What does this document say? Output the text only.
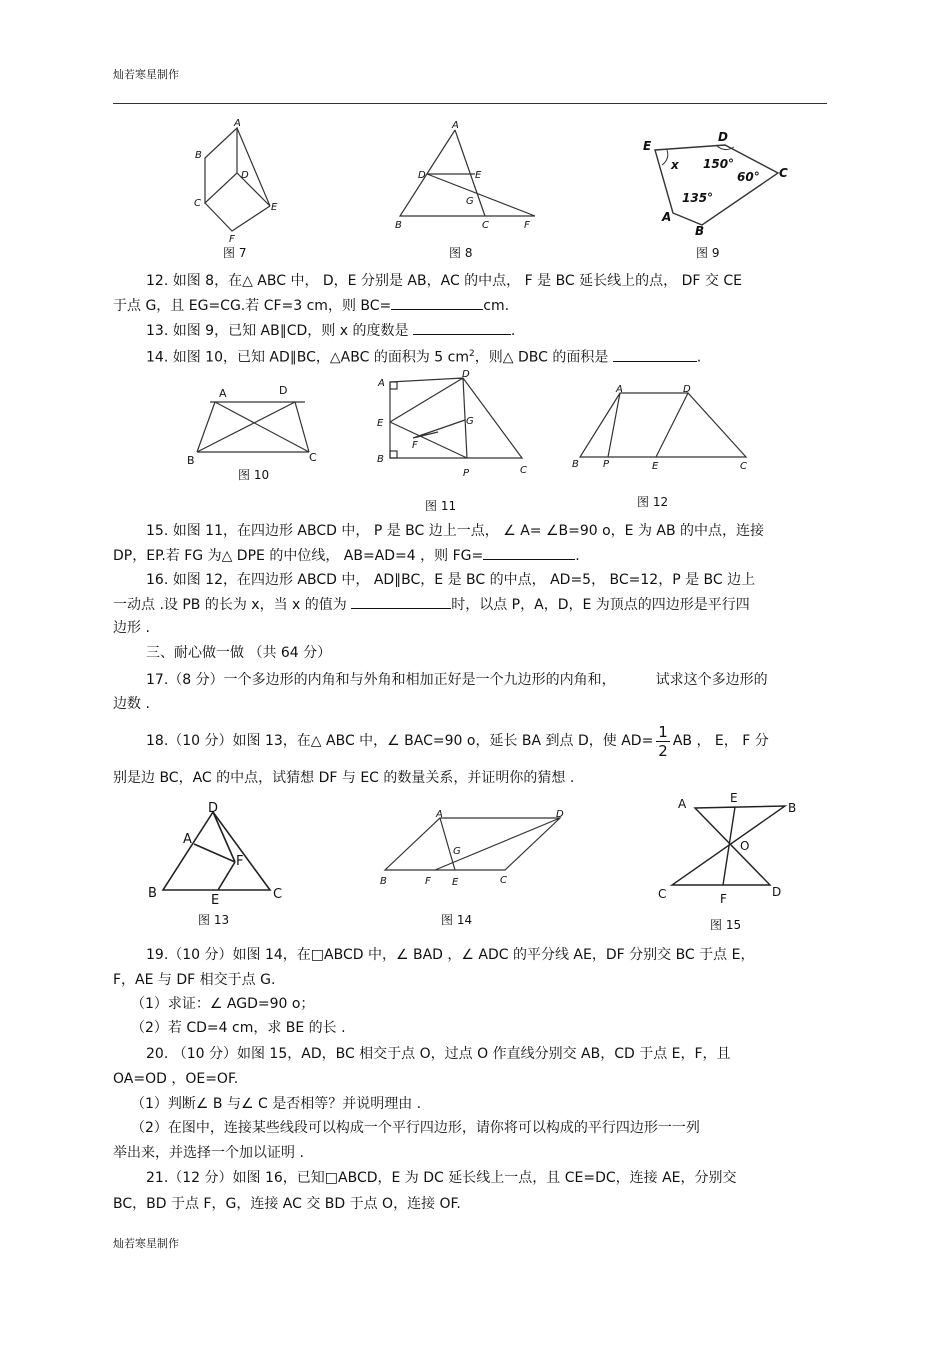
灿若寒星制作
A
B
C
D
E
F
图 7
A
D	E
G
B	C	F
图 8
E
D
C
A
B
x 150°
60°
135°
图 9
12. 如图 8，在△ ABC 中， D，E 分别是 AB，AC 的中点， F 是 BC 延长线上的点， DF 交 CE
于点 G，且 EG=CG.若 CF=3 cm，则 BC=	cm.
13. 如图 9，已知 AB∥CD，则 x 的度数是	.
14. 如图 10，已知 AD∥BC，△ABC 的面积为 5 $cm^2$，则△ DBC 的面积是	.
A	D
B	C
图 10
A
D
E	G
F
B
P	C
图 11
A	D
B P	E	C
图 12
15. 如图 11，在四边形 ABCD 中， P 是 BC 边上一点， ∠ A= ∠B=90 o，E 为 AB 的中点，连接
DP，EP.若 FG 为△ DPE 的中位线， AB=AD=4 ，则 FG=	.
16. 如图 12，在四边形 ABCD 中， AD∥BC，E 是 BC 的中点， AD=5， BC=12，P 是 BC 边上
一动点 .设 PB 的长为 x，当 x 的值为	时，以点 P，A，D，E 为顶点的四边形是平行四
边形 .
三、耐心做一做 （共 64 分）
17.（8 分）一个多边形的内角和与外角和相加正好是一个九边形的内角和，	试求这个多边形的
边数 .
18.（10 分）如图 13，在△ ABC 中，∠ BAC=90 o，延长 BA 到点 D，使 $AD= \frac{1}{2}$ AB ， E， F 分
别是边 BC，AC 的中点，试猜想 DF 与 EC 的数量关系，并证明你的猜想 .
D
A
F
B	E	C
图 13
A	D
G
B	F E	C
图 14
A	E
B
O
C	F	D
图 15
19.（10 分）如图 14，在□ABCD 中，∠ BAD ，∠ ADC 的平分线 AE，DF 分别交 BC 于点 E，
F，AE 与 DF 相交于点 G.
（1）求证：∠ AGD=90 o；
（2）若 CD=4 cm，求 BE 的长 .
20. （10 分）如图 15，AD，BC 相交于点 O，过点 O 作直线分别交 AB，CD 于点 E，F，且
OA=OD ，OE=OF.
（1）判断∠ B 与∠ C 是否相等？并说明理由 .
（2）在图中，连接某些线段可以构成一个平行四边形，请你将可以构成的平行四边形一一列
举出来，并选择一个加以证明 .
21.（12 分）如图 16，已知□ABCD，E 为 DC 延长线上一点，且 CE=DC，连接 AE，分别交
BC，BD 于点 F，G，连接 AC 交 BD 于点 O，连接 OF.
灿若寒星制作
